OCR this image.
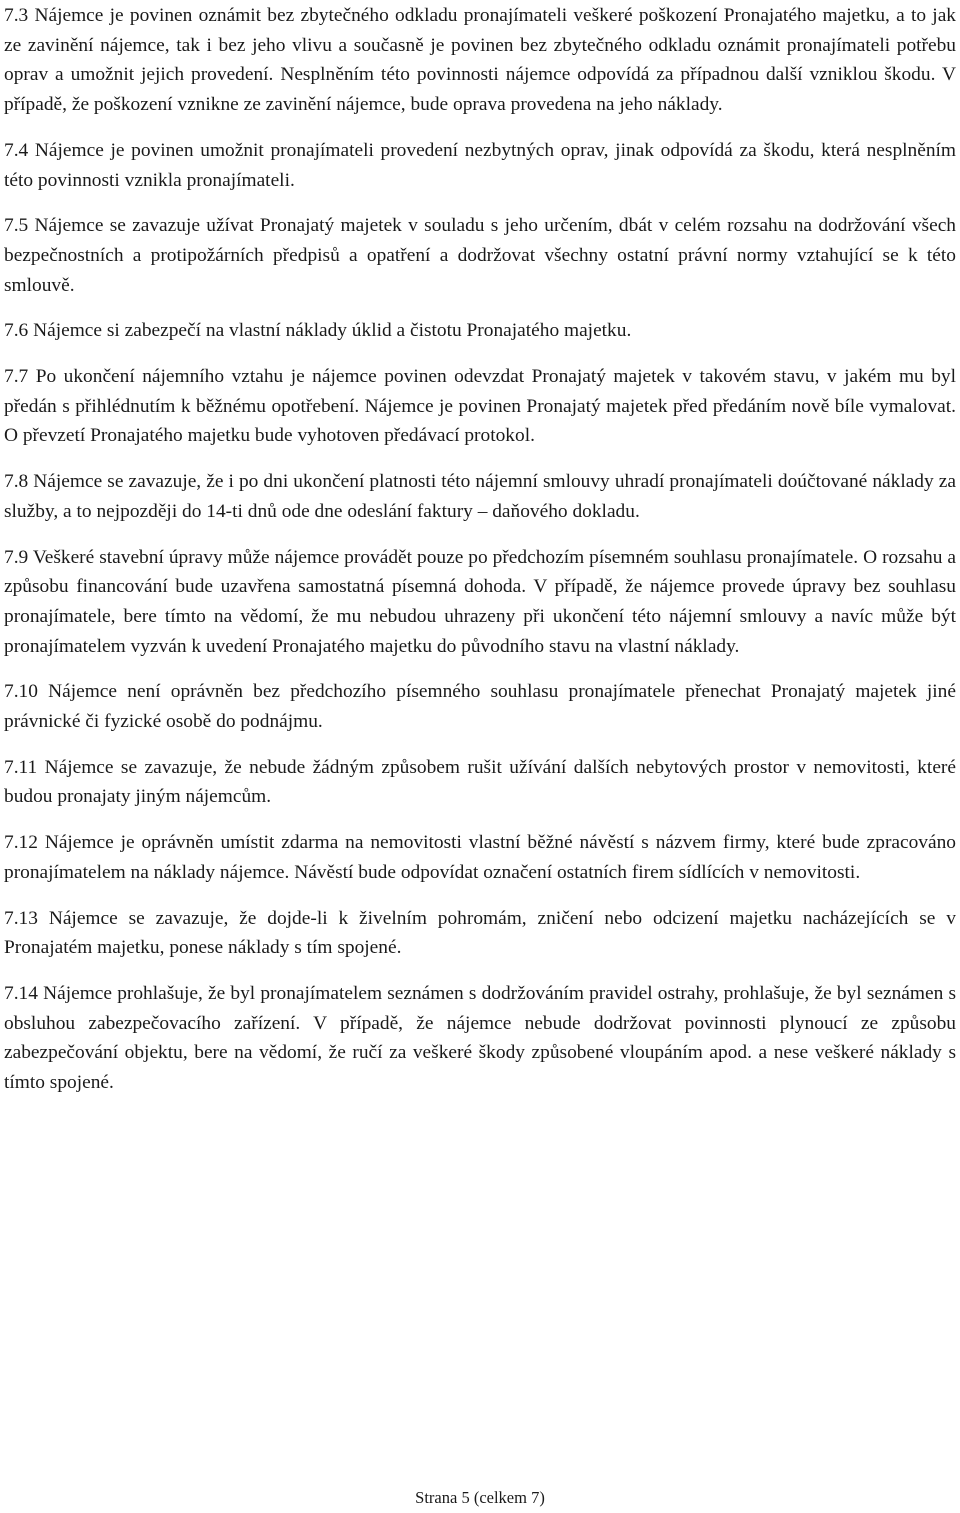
7.3 Nájemce je povinen oznámit bez zbytečného odkladu pronajímateli veškeré poškození Pronajatého majetku, a to jak ze zavinění nájemce, tak i bez jeho vlivu a současně je povinen bez zbytečného odkladu oznámit pronajímateli potřebu oprav a umožnit jejich provedení. Nesplněním této povinnosti nájemce odpovídá za případnou další vzniklou škodu. V případě, že poškození vznikne ze zavinění nájemce, bude oprava provedena na jeho náklady.

7.4 Nájemce je povinen umožnit pronajímateli provedení nezbytných oprav, jinak odpovídá za škodu, která nesplněním této povinnosti vznikla pronajímateli.

7.5 Nájemce se zavazuje užívat Pronajatý majetek v souladu s jeho určením, dbát v celém rozsahu na dodržování všech bezpečnostních a protipožárních předpisů a opatření a dodržovat všechny ostatní právní normy vztahující se k této smlouvě.

7.6 Nájemce si zabezpečí na vlastní náklady úklid a čistotu Pronajatého majetku.

7.7 Po ukončení nájemního vztahu je nájemce povinen odevzdat Pronajatý majetek v takovém stavu, v jakém mu byl předán s přihlédnutím k běžnému opotřebení. Nájemce je povinen Pronajatý majetek před předáním nově bíle vymalovat. O převzetí Pronajatého majetku bude vyhotoven předávací protokol.

7.8 Nájemce se zavazuje, že i po dni ukončení platnosti této nájemní smlouvy uhradí pronajímateli doúčtované náklady za služby, a to nejpozději do 14-ti dnů ode dne odeslání faktury – daňového dokladu.

7.9 Veškeré stavební úpravy může nájemce provádět pouze po předchozím písemném souhlasu pronajímatele. O rozsahu a způsobu financování bude uzavřena samostatná písemná dohoda. V případě, že nájemce provede úpravy bez souhlasu pronajímatele, bere tímto na vědomí, že mu nebudou uhrazeny při ukončení této nájemní smlouvy a navíc může být pronajímatelem vyzván k uvedení Pronajatého majetku do původního stavu na vlastní náklady.

7.10 Nájemce není oprávněn bez předchozího písemného souhlasu pronajímatele přenechat Pronajatý majetek jiné právnické či fyzické osobě do podnájmu.

7.11 Nájemce se zavazuje, že nebude žádným způsobem rušit užívání dalších nebytových prostor v nemovitosti, které budou pronajaty jiným nájemcům.

7.12 Nájemce je oprávněn umístit zdarma na nemovitosti vlastní běžné návěstí s názvem firmy, které bude zpracováno pronajímatelem na náklady nájemce. Návěstí bude odpovídat označení ostatních firem sídlících v nemovitosti.

7.13 Nájemce se zavazuje, že dojde-li k živelním pohromám, zničení nebo odcizení majetku nacházejících se v Pronajatém majetku, ponese náklady s tím spojené.

7.14 Nájemce prohlašuje, že byl pronajímatelem seznámen s dodržováním pravidel ostrahy, prohlašuje, že byl seznámen s obsluhou zabezpečovacího zařízení. V případě, že nájemce nebude dodržovat povinnosti plynoucí ze způsobu zabezpečování objektu, bere na vědomí, že ručí za veškeré škody způsobené vloupáním apod. a nese veškeré náklady s tímto spojené.

Strana 5 (celkem 7)
